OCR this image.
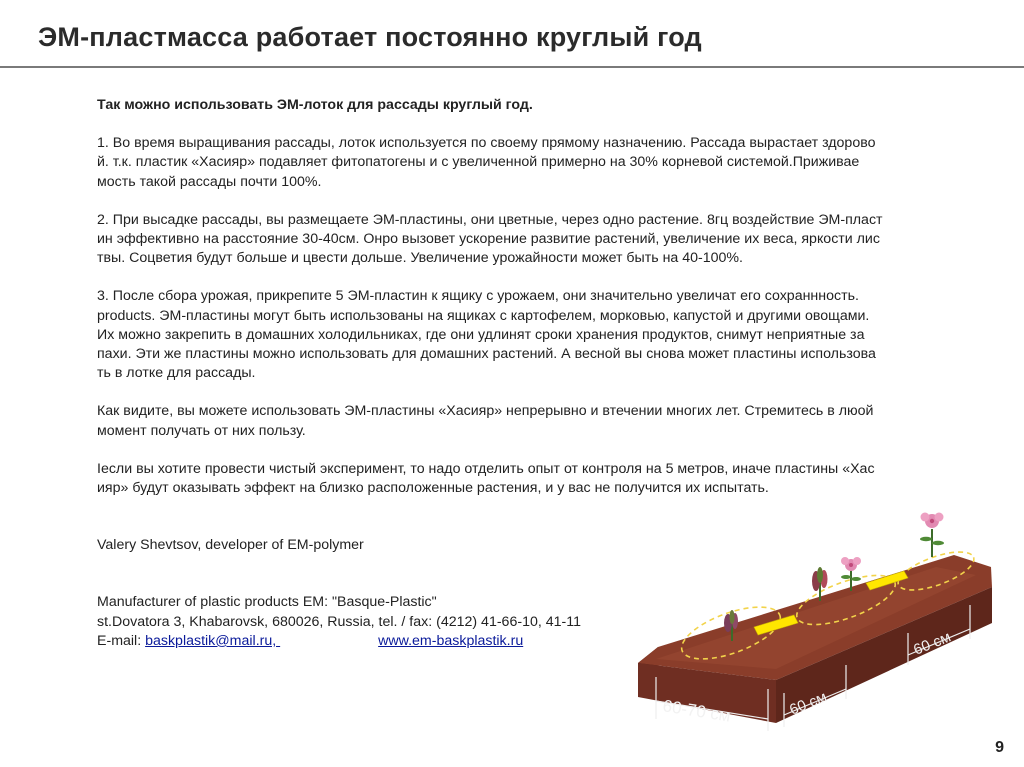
ЭМ-пластмасса работает постоянно круглый год

Так можно использовать ЭМ-лоток для рассады круглый год.

1. Во время выращивания рассады, лоток используется по своему прямому назначению. Рассада вырастает здорово
й. т.к. пластик «Хасияр» подавляет фитопатогены и с увеличенной примерно на 30% корневой системой.Приживае
мость такой рассады почти 100%.

2. При высадке рассады, вы размещаете ЭМ-пластины, они цветные, через одно растение. 8гц воздействие ЭМ-пласт
ин эффективно на расстояние 30-40см. Онро вызовет ускорение развитие растений, увеличение их веса, яркости лис
твы. Соцветия будут больше и цвести дольше. Увеличение урожайности может быть на 40-100%.

3. После сбора урожая, прикрепите 5 ЭМ-пластин к ящику с урожаем, они значительно увеличат его сохраннность.
products. ЭМ-пластины могут быть использованы на ящиках с картофелем, морковью, капустой и другими овощами.
Их можно закрепить в домашних холодильниках, где они удлинят сроки хранения продуктов, снимут неприятные за
пахи. Эти же пластины можно использовать для домашних растений. А весной вы снова может пластины использова
ть в лотке для рассады.

Как видите, вы можете использовать ЭМ-пластины «Хасияр» непрерывно и втечении многих лет. Стремитесь в люой
момент получать от них пользу.

Iесли вы хотите провести чистый эксперимент, то надо отделить опыт от контроля на 5 метров, иначе пластины «Хас
ияр» будут оказывать эффект на близко расположенные растения, и у вас не получится их испытать.

Valery Shevtsov, developer of EM-polymer

Manufacturer of plastic products EM: "Basque-Plastic"

st.Dovatora 3, Khabarovsk, 680026, Russia, tel. / fax: (4212) 41-66-10, 41-11

E-mail: baskplastik@mail.ru,	www.em-baskplastik.ru

60-70 см	60 см
60 см
9
